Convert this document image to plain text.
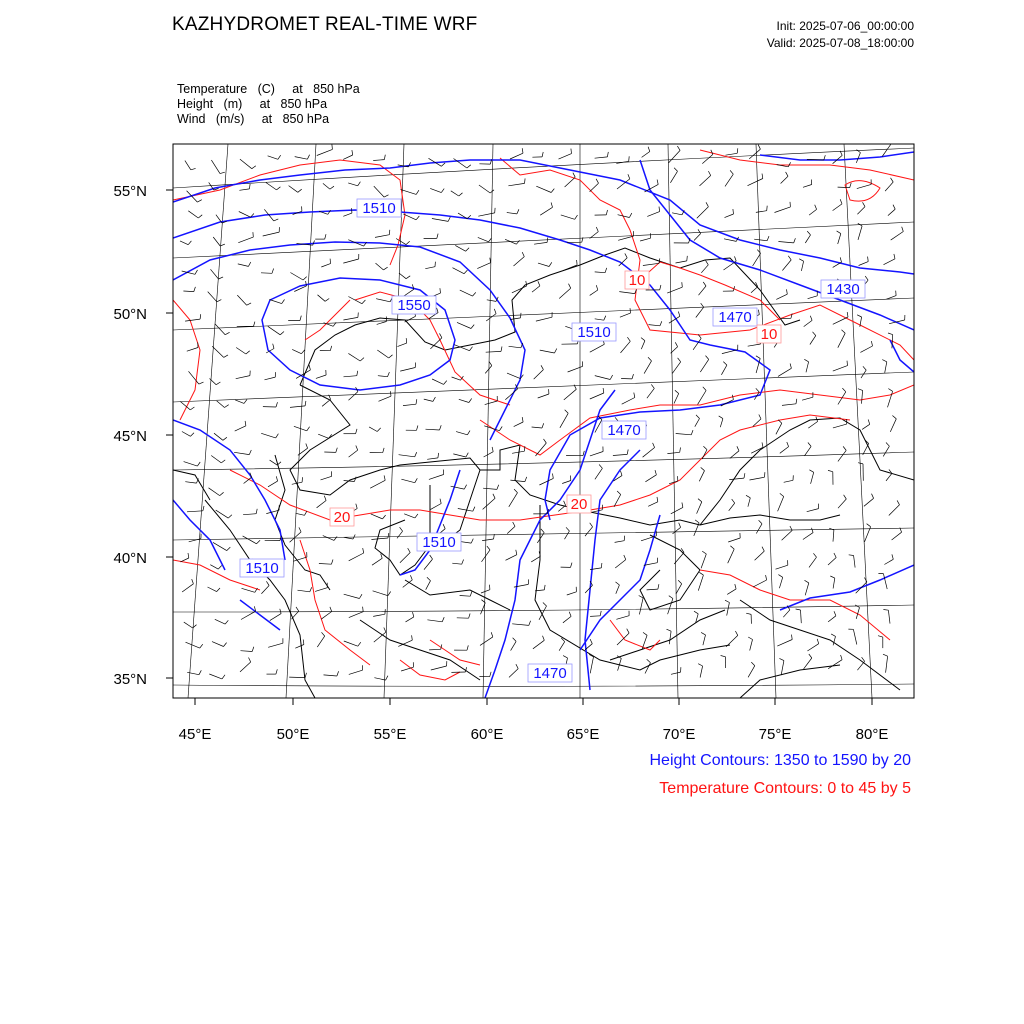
KAZHYDROMET REAL-TIME WRF	Init: 2025-07-06_00:00:00
Valid: 2025-07-08_18:00:00
Temperature   (C)     at   850 hPa
Height   (m)     at   850 hPa
Wind   (m/s)     at   850 hPa
55°N
50°N
45°N
40°N
35°N
45°E	50°E	55°E	60°E	65°E	70°E	75°E	80°E
1510
1550
1510
1470
1430
1470
1510
1510
1470
10
10
20
20
Height Contours: 1350 to 1590 by 20
Temperature Contours: 0 to 45 by 5
